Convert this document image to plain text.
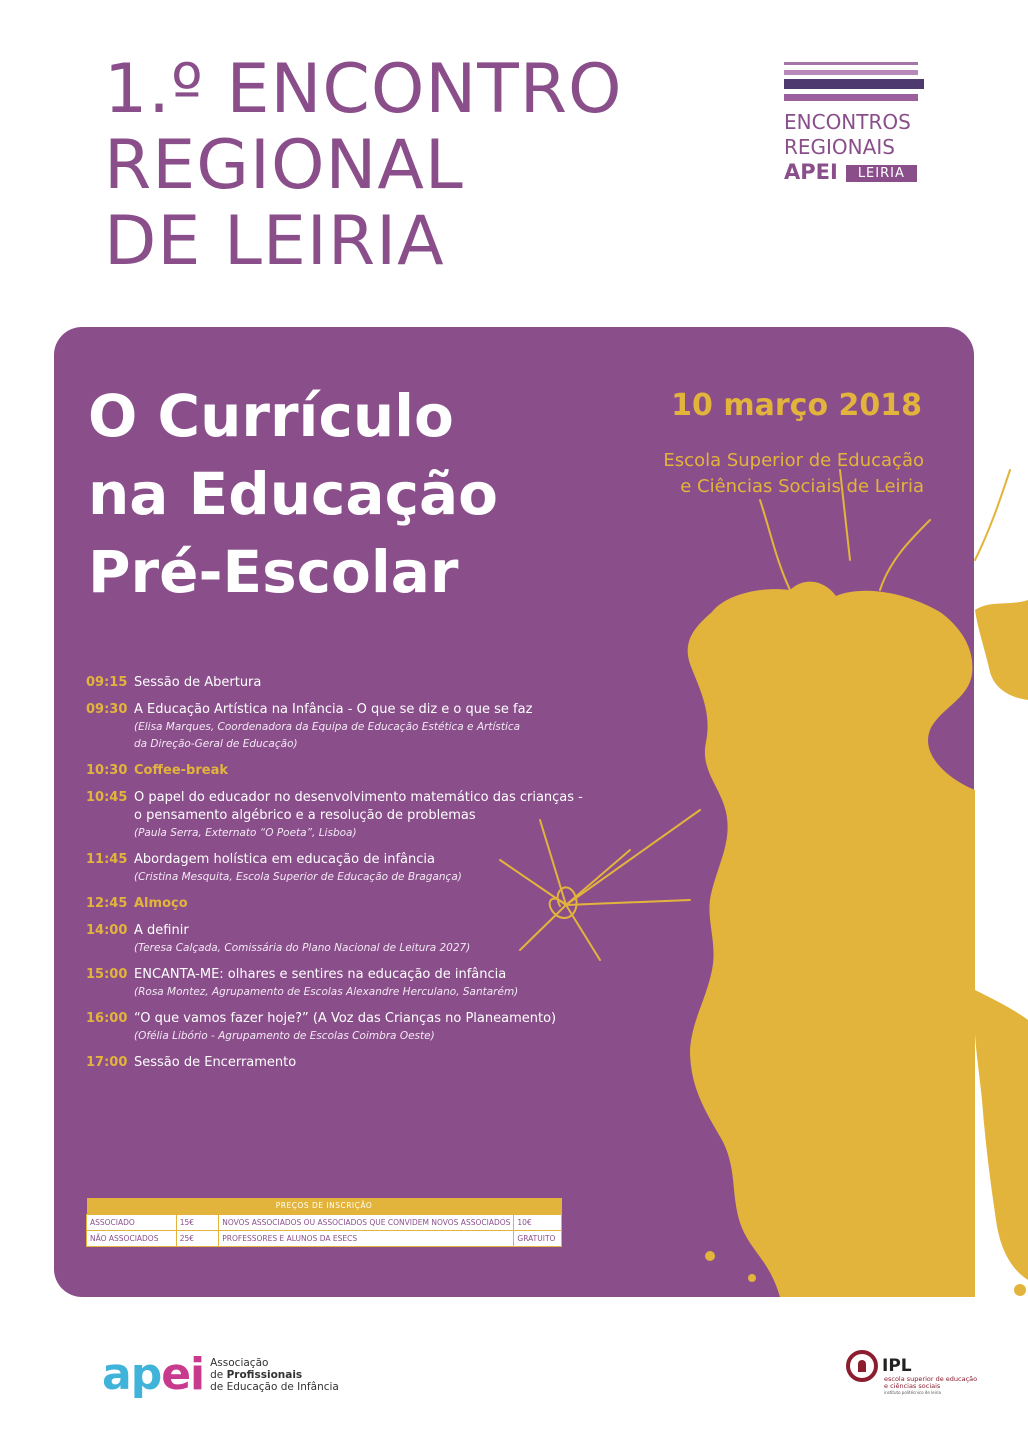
1.º ENCONTRO
REGIONAL
DE LEIRIA
ENCONTROS
REGIONAIS
APEI	LEIRIA
O Currículo
na Educação
Pré-Escolar
10 março 2018
Escola Superior de Educação
e Ciências Sociais de Leiria
09:15 Sessão de Abertura
09:30 A Educação Artística na Infância - O que se diz e o que se faz
(Elisa Marques, Coordenadora da Equipa de Educação Estética e Artística
da Direção-Geral de Educação)
10:30 Coffee-break
10:45 O papel do educador no desenvolvimento matemático das crianças -
o pensamento algébrico e a resolução de problemas
(Paula Serra, Externato “O Poeta”, Lisboa)
11:45 Abordagem holística em educação de infância
(Cristina Mesquita, Escola Superior de Educação de Bragança)
12:45 Almoço
14:00 A definir
(Teresa Calçada, Comissária do Plano Nacional de Leitura 2027)
15:00 ENCANTA-ME: olhares e sentires na educação de infância
(Rosa Montez, Agrupamento de Escolas Alexandre Herculano, Santarém)
16:00 “O que vamos fazer hoje?” (A Voz das Crianças no Planeamento)
(Ofélia Libório - Agrupamento de Escolas Coimbra Oeste)
17:00 Sessão de Encerramento
PREÇOS DE INSCRIÇÃO			
ASSOCIADO	15€	NOVOS ASSOCIADOS OU ASSOCIADOS QUE CONVIDEM NOVOS ASSOCIADOS	10€
NÃO ASSOCIADOS	25€	PROFESSORES E ALUNOS DA ESECS	GRATUITO
apei Associação
de Profissionais
de Educação de Infância
IPL
escola superior de educação
e ciências sociais
instituto politécnico de leiria
